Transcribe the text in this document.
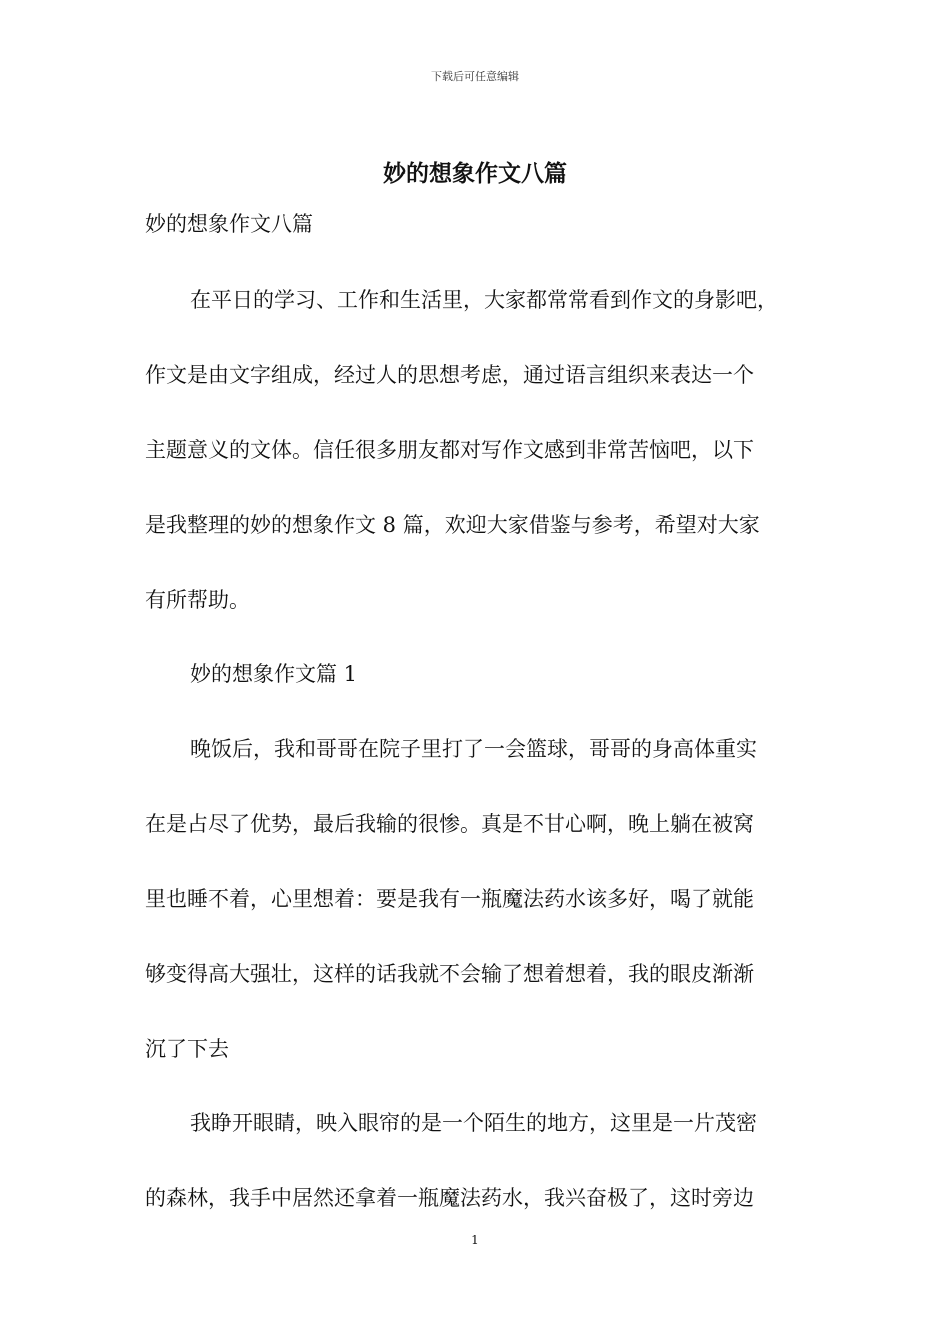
下载后可任意编辑
妙的想象作文八篇
妙的想象作文八篇
在平日的学习、工作和生活里，大家都常常看到作文的身影吧，
作文是由文字组成，经过人的思想考虑，通过语言组织来表达一个
主题意义的文体。信任很多朋友都对写作文感到非常苦恼吧，以下
是我整理的妙的想象作文 8 篇，欢迎大家借鉴与参考，希望对大家
有所帮助。
妙的想象作文篇 1
晚饭后，我和哥哥在院子里打了一会篮球，哥哥的身高体重实
在是占尽了优势，最后我输的很惨。真是不甘心啊，晚上躺在被窝
里也睡不着，心里想着：要是我有一瓶魔法药水该多好，喝了就能
够变得高大强壮，这样的话我就不会输了想着想着，我的眼皮渐渐
沉了下去
我睁开眼睛，映入眼帘的是一个陌生的地方，这里是一片茂密
的森林，我手中居然还拿着一瓶魔法药水，我兴奋极了，这时旁边
1
